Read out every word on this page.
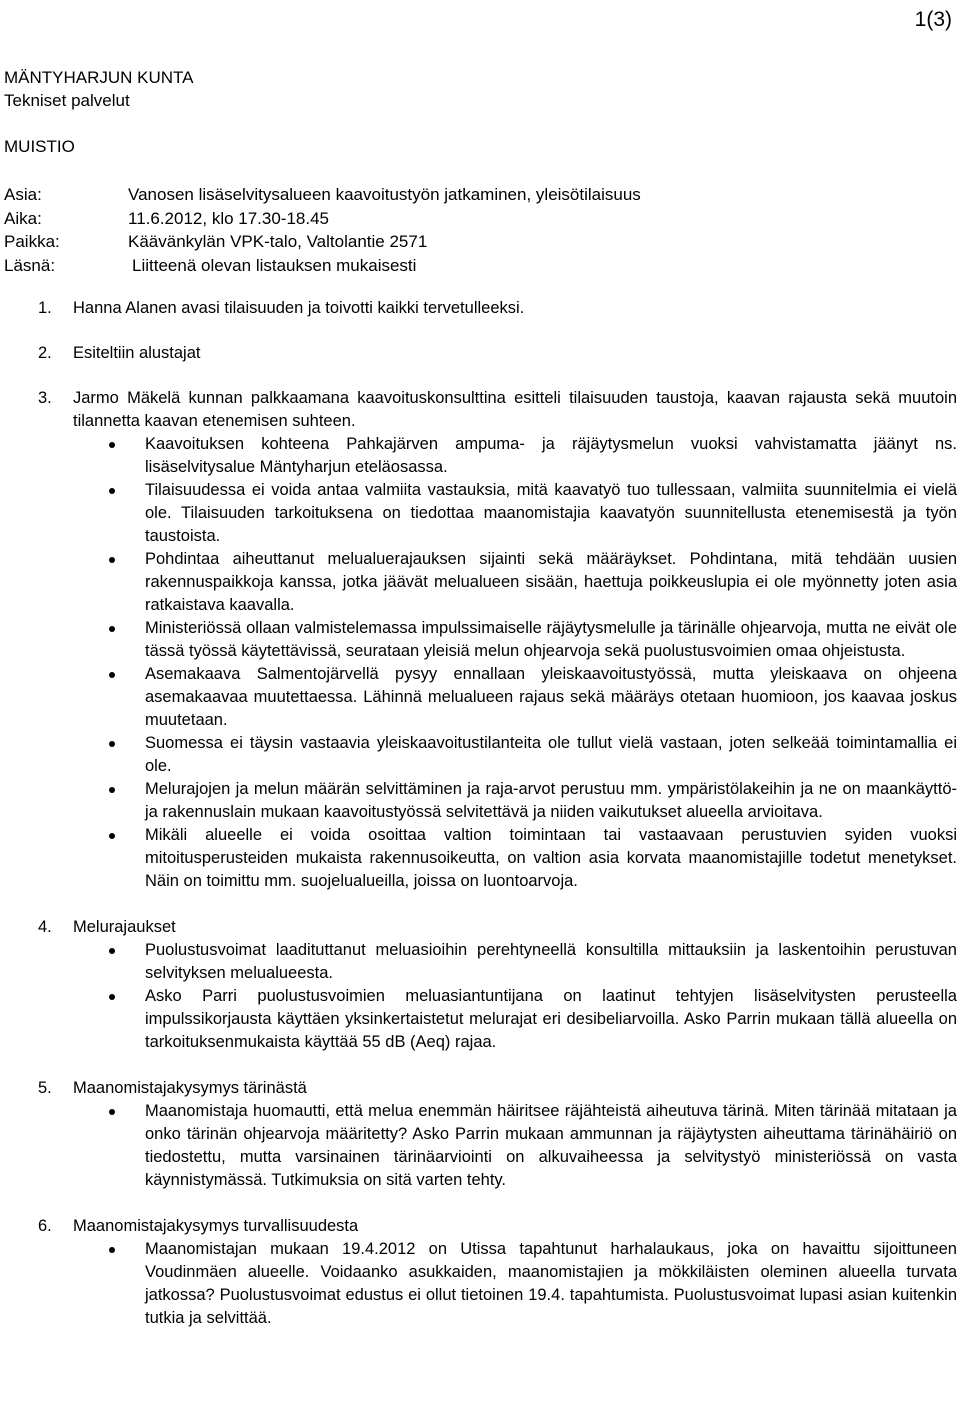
1(3)
MÄNTYHARJUN KUNTA
Tekniset palvelut
MUISTIO
Asia:	Vanosen lisäselvitysalueen kaavoitustyön jatkaminen, yleisötilaisuus
Aika:	11.6.2012, klo 17.30-18.45
Paikka:	Käävänkylän VPK-talo, Valtolantie 2571
Läsnä:	Liitteenä olevan listauksen mukaisesti
1. Hanna Alanen avasi tilaisuuden ja toivotti kaikki tervetulleeksi.
2. Esiteltiin alustajat
3. Jarmo Mäkelä kunnan palkkaamana kaavoituskonsulttina esitteli tilaisuuden taustoja, kaavan rajausta sekä muutoin tilannetta kaavan etenemisen suhteen.
Kaavoituksen kohteena Pahkajärven ampuma- ja räjäytysmelun vuoksi vahvistamatta jäänyt ns. lisäselvitysalue Mäntyharjun eteläosassa.
Tilaisuudessa ei voida antaa valmiita vastauksia, mitä kaavatyö tuo tullessaan, valmiita suunnitelmia ei vielä ole. Tilaisuuden tarkoituksena on tiedottaa maanomistajia kaavatyön suunnitellusta etenemisestä ja työn taustoista.
Pohdintaa aiheuttanut melualuerajauksen sijainti sekä määräykset. Pohdintana, mitä tehdään uusien rakennuspaikkoja kanssa, jotka jäävät melualueen sisään, haettuja poikkeuslupia ei ole myönnetty joten asia ratkaistava kaavalla.
Ministeriössä ollaan valmistelemassa impulssimaiselle räjäytysmelulle ja tärinälle ohjearvoja, mutta ne eivät ole tässä työssä käytettävissä, seurataan yleisiä melun ohjearvoja sekä puolustusvoimien omaa ohjeistusta.
Asemakaava Salmentojärvellä pysyy ennallaan yleiskaavoitustyössä, mutta yleiskaava on ohjeena asemakaavaa muutettaessa. Lähinnä melualueen rajaus sekä määräys otetaan huomioon, jos kaavaa joskus muutetaan.
Suomessa ei täysin vastaavia yleiskaavoitustilanteita ole tullut vielä vastaan, joten selkeää toimintamallia ei ole.
Melurajojen ja melun määrän selvittäminen ja raja-arvot perustuu mm. ympäristölakeihin ja ne on maankäyttö- ja rakennuslain mukaan kaavoitustyössä selvitettävä ja niiden vaikutukset alueella arvioitava.
Mikäli alueelle ei voida osoittaa valtion toimintaan tai vastaavaan perustuvien syiden vuoksi mitoitusperusteiden mukaista rakennusoikeutta, on valtion asia korvata maanomistajille todetut menetykset. Näin on toimittu mm. suojelualueilla, joissa on luontoarvoja.
4. Melurajaukset
Puolustusvoimat laadituttanut meluasioihin perehtyneellä konsultilla mittauksiin ja laskentoihin perustuvan selvityksen melualueesta.
Asko Parri puolustusvoimien meluasiantuntijana on laatinut tehtyjen lisäselvitysten perusteella impulssikorjausta käyttäen yksinkertaistetut melurajat eri desibeliarvoilla. Asko Parrin mukaan tällä alueella on tarkoituksenmukaista käyttää 55 dB (Aeq) rajaa.
5. Maanomistajakysymys tärinästä
Maanomistaja huomautti, että melua enemmän häiritsee räjähteistä aiheutuva tärinä. Miten tärinää mitataan ja onko tärinän ohjearvoja määritetty? Asko Parrin mukaan ammunnan ja räjäytysten aiheuttama tärinähäiriö on tiedostettu, mutta varsinainen tärinäarviointi on alkuvaiheessa ja selvitystyö ministeriössä on vasta käynnistymässä. Tutkimuksia on sitä varten tehty.
6. Maanomistajakysymys turvallisuudesta
Maanomistajan mukaan 19.4.2012 on Utissa tapahtunut harhalaukaus, joka on havaittu sijoittuneen Voudinmäen alueelle. Voidaanko asukkaiden, maanomistajien ja mökkiläisten oleminen alueella turvata jatkossa? Puolustusvoimat edustus ei ollut tietoinen 19.4. tapahtumista. Puolustusvoimat lupasi asian kuitenkin tutkia ja selvittää.
